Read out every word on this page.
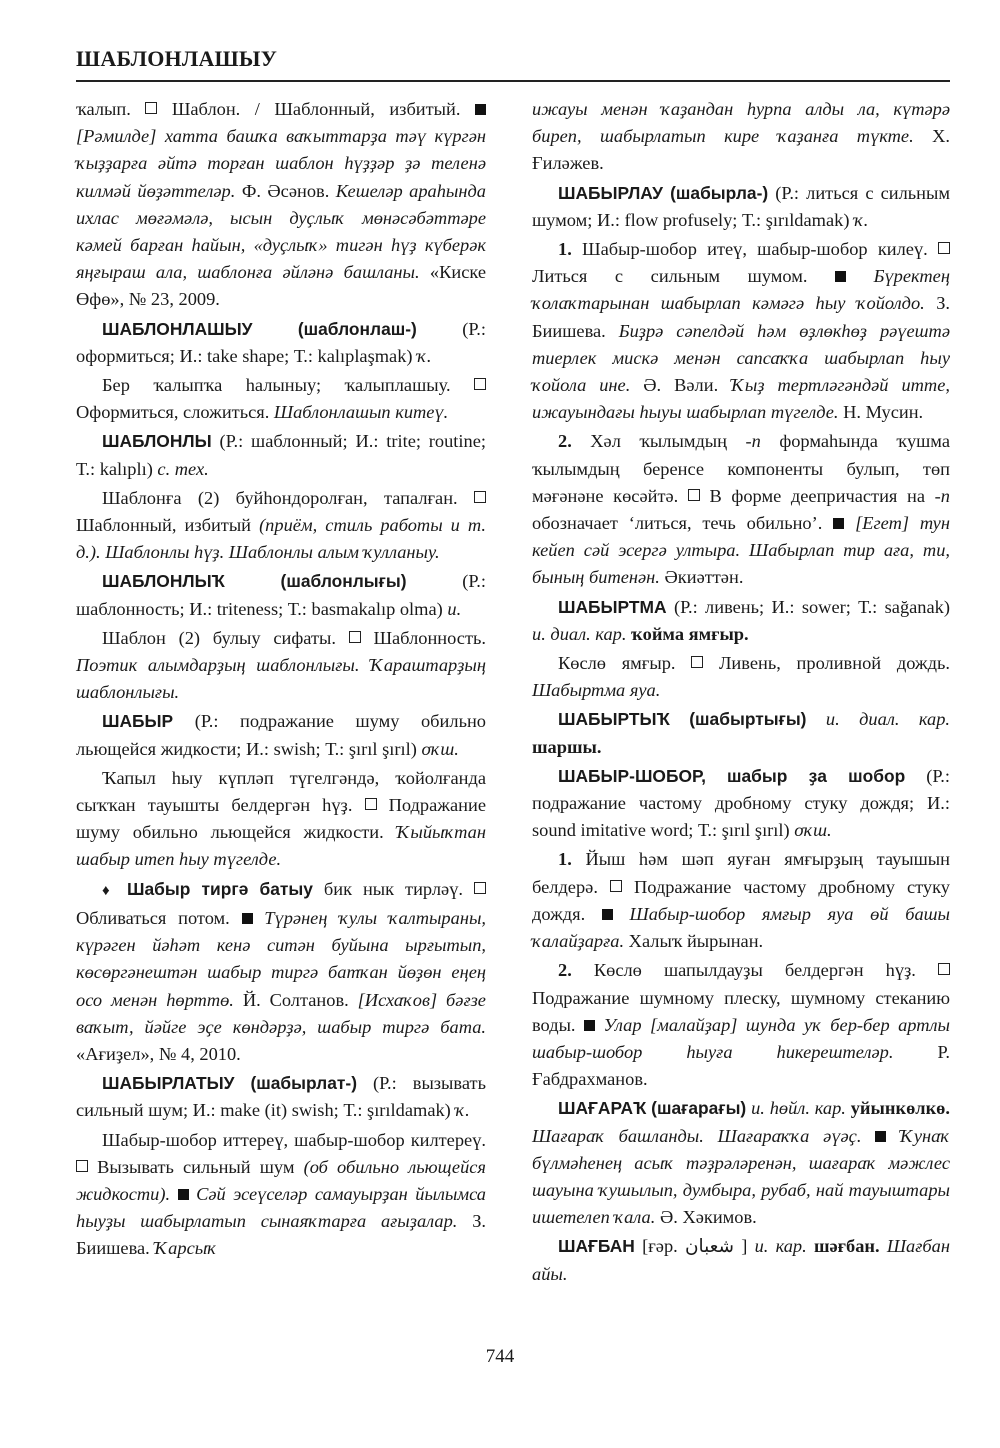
ШАБЛОНЛАШЫУ

ҡалып. Шаблон. / Шаблонный, избитый.  [Рәмилде] хатта башҡа ваҡыттарҙа тәү күргән ҡыҙҙарға әйтә торған шаблон һүҙҙәр ҙә теленә килмәй йөҙәттеләр. Ф. Әсәнов. Кешеләр араһында ихлас мөғәмәлә, ысын дуҫлыҡ мөнәсәбәттәре кәмей барған һайын, «дуҫлыҡ» тигән һүҙ күберәк яңғыраш ала, шаблонға әйләнә башланы. «Киске Өфө», № 23, 2009.

ШАБЛОНЛАШЫУ	(шаблонлаш-) (Р.: оформиться; И.: take shape; Т.: kalıplaşmak) ҡ.

Бер ҡалыпҡа һалыныу; ҡалыплашыу.  Оформиться, сложиться. Шаблонлашып китеү.

ШАБЛОНЛЫ (Р.: шаблонный; И.: trite; routine; Т.: kalıplı) с. тех.

Шаблонға (2) буйһондоролған, тапалған.  Шаблонный, избитый (приём, стиль работы и т. д.). Шаблонлы һүҙ. Шаблонлы алым ҡулланыу.

ШАБЛОНЛЫҠ	(шаблонлығы)	(Р.: шаблонность; И.: triteness; Т.: basmakalıp olma) и.

Шаблон (2) булыу сифаты. Шаблонность. Поэтик алымдарҙың шаблонлығы. Ҡараштарҙың шаблонлығы.

ШАБЫР (Р.: подражание шуму обильно льющейся жидкости; И.: swish; Т.: şırıl şırıl) оҡш.

Ҡапыл һыу күпләп түгелгәндә, ҡойолғанда сыҡҡан тауышты белдергән һүҙ. Подражание шуму обильно льющейся жидкости. Ҡыйыҡтан шабыр итеп һыу түгелде.

♦ Шабыр тиргә батыу бик нык тирләү.  Обливаться потом. Түрәнең ҡулы ҡалтыраны, күрәген йәһәт кенә ситән буйына ырғытып, көсөргәнештән шабыр тиргә батҡан йөҙөн еңең осо менән һөрттө. Й. Солтанов. [Исхаҡов] бәғзе ваҡыт, йәйге эҫе көндәрҙә, шабыр тиргә бата. «Ағиҙел», № 4, 2010.

ШАБЫРЛАТЫУ (шабырлат-) (Р.: вызывать сильный шум; И.: make (it) swish; Т.: şırıldamak) ҡ.

Шабыр-шобор иттереү, шабыр-шобор килтереү.  Вызывать сильный шум (об обильно льющейся жидкости). Сәй эсеүселәр самауырҙан йылымса һыуҙы шабырлатып сынаяҡтарға ағыҙалар. З. Биишева. Ҡарсыҡ

ижауы менән ҡаҙандан һурпа алды ла, күтәрә биреп, шабырлатып кире ҡаҙанға түкте. Х. Ғиләжев.

ШАБЫРЛАУ (шабырла-) (Р.: литься с сильным шумом; И.: flow profusely; Т.: şırıldamak) ҡ.

1. Шабыр-шобор итеү, шабыр-шобор килеү.  Литься с сильным шумом.	Бүректең ҡолаҡтарынан шабырлап кәмәгә һыу ҡойолдо. З. Биишева. Биҙрә сәпелдәй һәм өҙлөкһөҙ рәүештә тиерлек мискә менән сапсаҡҡа шабырлап һыу ҡойола ине. Ә. Вәли. Ҡыҙ тертләгәндәй итте, ижауындағы һыуы шабырлап түгелде. Н. Мусин.

2. Хәл ҡылымдың -п формаһында ҡушма ҡылымдың беренсе компоненты булып, төп мәғәнәне көсәйтә. В форме деепричастия на -п обозначает ‘литься, течь обильно’. [Егет] тун кейеп сәй эсергә ултыра. Шабырлап тир аға, ти, бының битенән. Әкиәттән.

ШАБЫРТМА (Р.: ливень; И.: sower; Т.: sağanak) и. диал. кар. ҡойма ямғыр.

Көслө ямғыр. Ливень, проливной дождь. Шабыртма яуа.

ШАБЫРТЫҠ (шабыртығы) и. диал. кар. шаршы.

ШАБЫР-ШОБОР, шабыр ҙа шобор (Р.: подражание частому дробному стуку дождя; И.: sound imitative word; Т.: şırıl şırıl) оҡш.

1. Йыш һәм шәп яуған ямғырҙың тауышын белдерә. Подражание частому дробному стуку дождя. Шабыр-шобор ямғыр яуа өй башы ҡалайҙарға. Халыҡ йырынан.

2. Көслө шапылдауҙы белдергән һүҙ.  Подражание шумному плеску, шумному стеканию воды. Улар [малайҙар] шунда уҡ бер-бер артлы шабыр-шобор һыуға һикерештеләр. Р. Ғабдрахманов.

ШАҒАРАҠ (шағарағы) и. һөйл. кар. уйынкөлкө. Шағараҡ башланды. Шағараҡҡа әүәҫ. Ҡунаҡ бүлмәһенең асыҡ тәҙрәләренән, шағараҡ мәжлес шауына ҡушылып, думбыра, рубаб, най тауыштары ишетелеп ҡала. Ә. Хәкимов.

ШАҒБАН [ғәр. شعبان ] и. кар. шәғбан. Шағбан айы.

744
